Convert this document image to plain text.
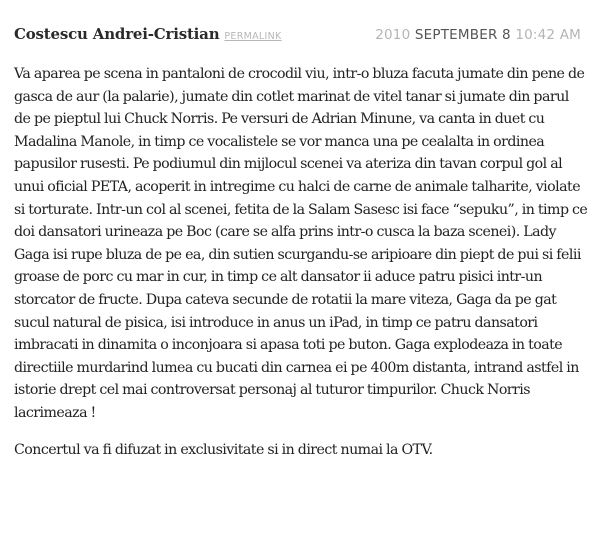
Costescu Andrei-Cristian PERMALINK	2010 SEPTEMBER 8 10:42 AM

Va aparea pe scena in pantaloni de crocodil viu, intr-o bluza facuta jumate din pene de gasca de aur (la palarie), jumate din cotlet marinat de vitel tanar si jumate din parul de pe pieptul lui Chuck Norris. Pe versuri de Adrian Minune, va canta in duet cu Madalina Manole, in timp ce vocalistele se vor manca una pe cealalta in ordinea papusilor rusesti. Pe podiumul din mijlocul scenei va ateriza din tavan corpul gol al unui oficial PETA, acoperit in intregime cu halci de carne de animale talharite, violate si torturate. Intr-un col al scenei, fetita de la Salam Sasesc isi face “sepuku”, in timp ce doi dansatori urineaza pe Boc (care se alfa prins intr-o cusca la baza scenei). Lady Gaga isi rupe bluza de pe ea, din sutien scurgandu-se aripioare din piept de pui si felii groase de porc cu mar in cur, in timp ce alt dansator ii aduce patru pisici intr-un storcator de fructe. Dupa cateva secunde de rotatii la mare viteza, Gaga da pe gat sucul natural de pisica, isi introduce in anus un iPad, in timp ce patru dansatori imbracati in dinamita o inconjoara si apasa toti pe buton. Gaga explodeaza in toate directiile murdarind lumea cu bucati din carnea ei pe 400m distanta, intrand astfel in istorie drept cel mai controversat personaj al tuturor timpurilor. Chuck Norris lacrimeaza !

Concertul va fi difuzat in exclusivitate si in direct numai la OTV.
